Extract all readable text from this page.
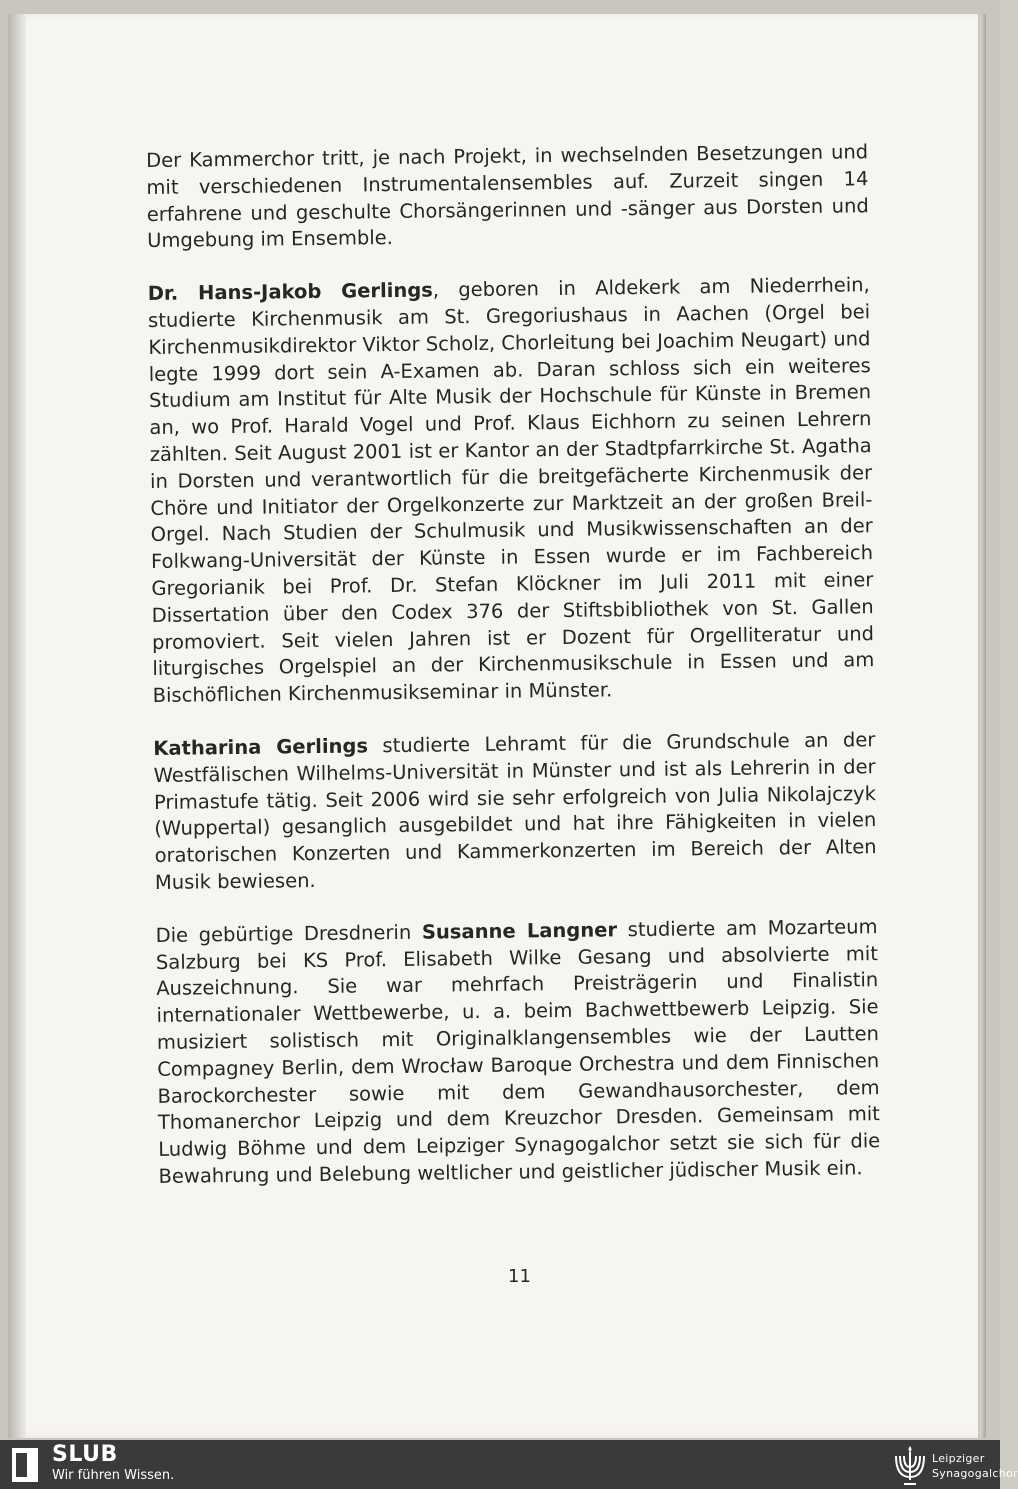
Der Kammerchor tritt, je nach Projekt, in wechselnden Besetzungen und mit verschiedenen Instrumentalensembles auf. Zurzeit singen 14 erfahrene und geschulte Chorsängerinnen und -sänger aus Dorsten und Umgebung im Ensemble.

Dr. Hans-Jakob Gerlings, geboren in Aldekerk am Niederrhein, studierte Kirchenmusik am St. Gregoriushaus in Aachen (Orgel bei Kirchenmusikdirektor Viktor Scholz, Chorleitung bei Joachim Neugart) und legte 1999 dort sein A-Examen ab. Daran schloss sich ein weiteres Studium am Institut für Alte Musik der Hochschule für Künste in Bremen an, wo Prof. Harald Vogel und Prof. Klaus Eichhorn zu seinen Lehrern zählten. Seit August 2001 ist er Kantor an der Stadtpfarrkirche St. Agatha in Dorsten und verantwortlich für die breitgefächerte Kirchenmusik der Chöre und Initiator der Orgelkonzerte zur Marktzeit an der großen Breil-Orgel. Nach Studien der Schulmusik und Musikwissenschaften an der Folkwang-Universität der Künste in Essen wurde er im Fachbereich Gregorianik bei Prof. Dr. Stefan Klöckner im Juli 2011 mit einer Dissertation über den Codex 376 der Stiftsbibliothek von St. Gallen promoviert. Seit vielen Jahren ist er Dozent für Orgelliteratur und liturgisches Orgelspiel an der Kirchenmusikschule in Essen und am Bischöflichen Kirchenmusikseminar in Münster.

Katharina Gerlings studierte Lehramt für die Grundschule an der Westfälischen Wilhelms-Universität in Münster und ist als Lehrerin in der Primastufe tätig. Seit 2006 wird sie sehr erfolgreich von Julia Nikolajczyk (Wuppertal) gesanglich ausgebildet und hat ihre Fähigkeiten in vielen oratorischen Konzerten und Kammerkonzerten im Bereich der Alten Musik bewiesen.

Die gebürtige Dresdnerin Susanne Langner studierte am Mozarteum Salzburg bei KS Prof. Elisabeth Wilke Gesang und absolvierte mit Auszeichnung. Sie war mehrfach Preisträgerin und Finalistin internationaler Wettbewerbe, u. a. beim Bachwettbewerb Leipzig. Sie musiziert solistisch mit Originalklangensembles wie der Lautten Compagney Berlin, dem Wrocław Baroque Orchestra und dem Finnischen Barockorchester sowie mit dem Gewandhausorchester, dem Thomanerchor Leipzig und dem Kreuzchor Dresden. Gemeinsam mit Ludwig Böhme und dem Leipziger Synagogalchor setzt sie sich für die Bewahrung und Belebung weltlicher und geistlicher jüdischer Musik ein.

11
SLUB
Wir führen Wissen.
Leipziger
Synagogalchor
